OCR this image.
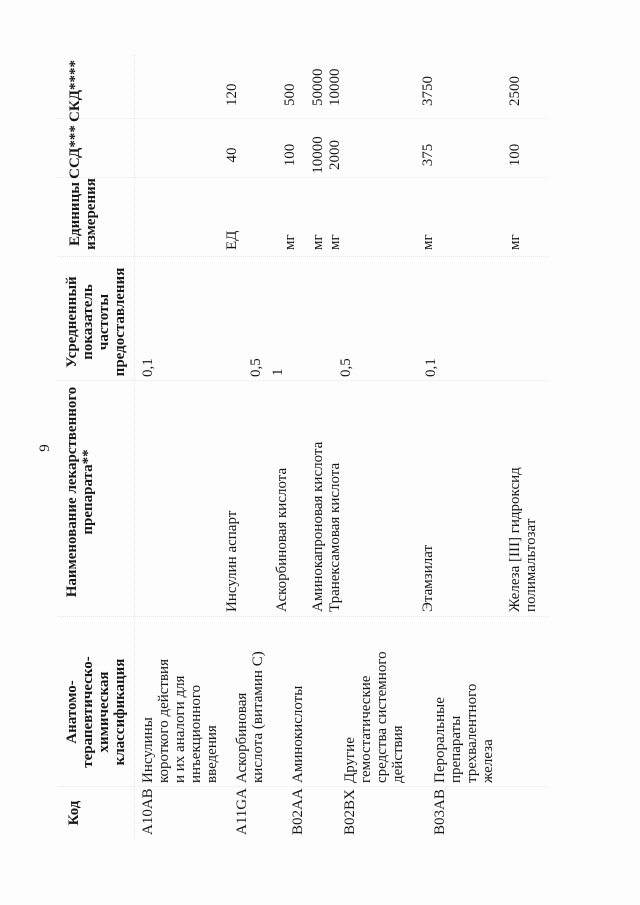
9
Код
Анатомо- терапевтическо- химическая классификация
Наименование лекарственного препарата**
Усредненный показатель частоты предоставления
Единицы измерения
ССД***
СКД****
A10AB
Инсулины короткого действия и их аналоги для инъекционного введения
0,1
Инсулин аспарт
ЕД
40
120
A11GA
Аскорбиновая кислота (витамин С)
0,5
Аскорбиновая кислота
мг
100
500
B02AA
Аминокислоты
1
Аминокапроновая кислота
мг
10000
50000
Транексамовая кислота
мг
2000
10000
B02BX
Другие гемостатические средства системного действия
0,5
Этамзилат
мг
375
3750
B03AB
Пероральные препараты трехвалентного железа
0,1
Железа [III] гидроксид полимальтозат
мг
100
2500
